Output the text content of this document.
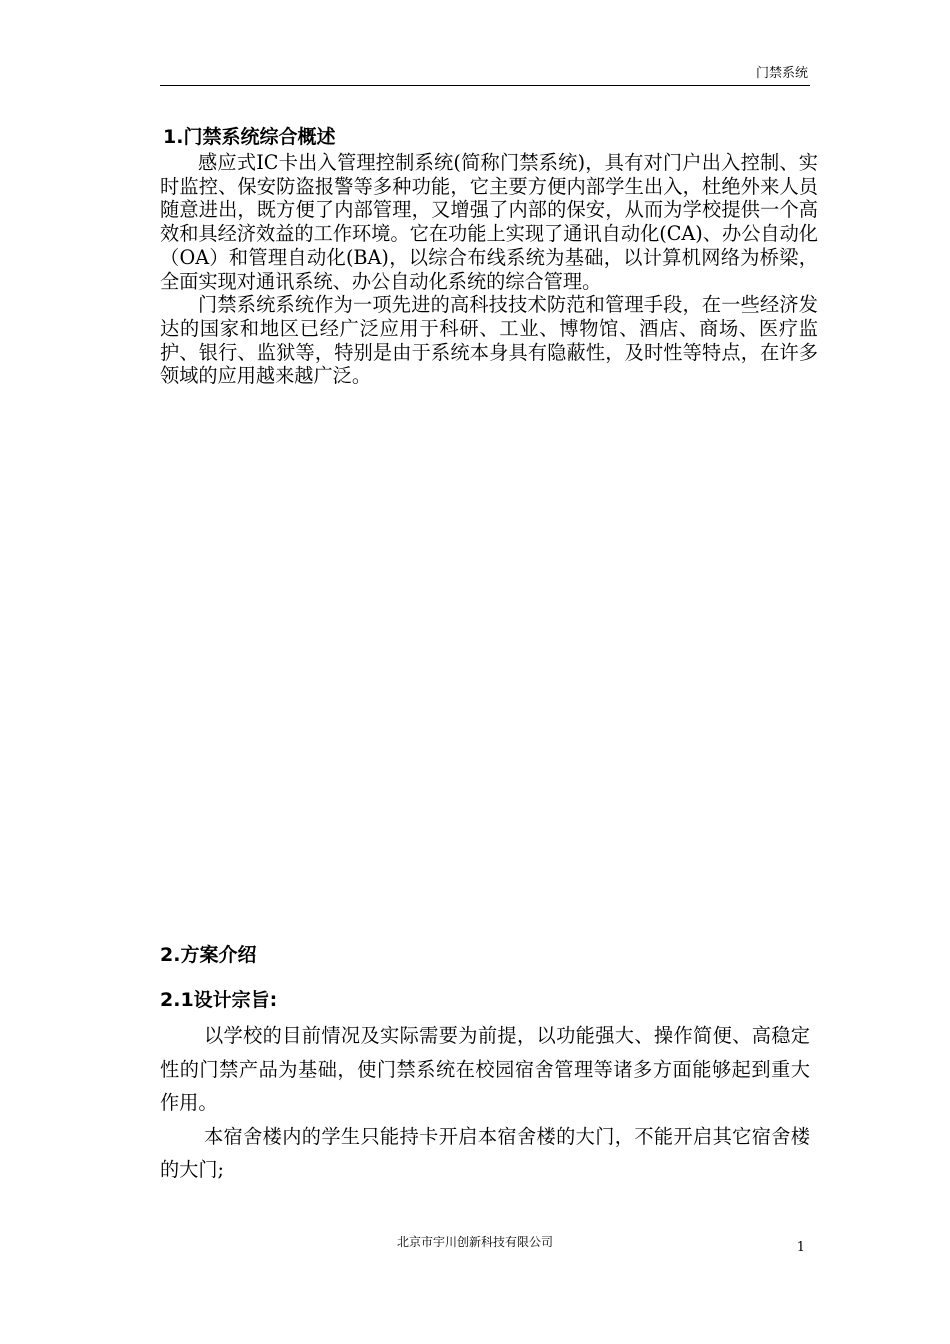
门禁系统
1.门禁系统综合概述

感应式IC卡出入管理控制系统(简称门禁系统)，具有对门户出入控制、实时监控、保安防盗报警等多种功能，它主要方便内部学生出入，杜绝外来人员随意进出，既方便了内部管理，又增强了内部的保安，从而为学校提供一个高效和具经济效益的工作环境。它在功能上实现了通讯自动化(CA)、办公自动化（OA）和管理自动化(BA)，以综合布线系统为基础，以计算机网络为桥梁，全面实现对通讯系统、办公自动化系统的综合管理。

门禁系统系统作为一项先进的高科技技术防范和管理手段，在一些经济发达的国家和地区已经广泛应用于科研、工业、博物馆、酒店、商场、医疗监护、银行、监狱等，特别是由于系统本身具有隐蔽性，及时性等特点，在许多领域的应用越来越广泛。

2.方案介绍
2.1设计宗旨:

以学校的目前情况及实际需要为前提，以功能强大、操作简便、高稳定性的门禁产品为基础，使门禁系统在校园宿舍管理等诸多方面能够起到重大作用。

本宿舍楼内的学生只能持卡开启本宿舍楼的大门，不能开启其它宿舍楼的大门;

北京市宇川创新科技有限公司	1
